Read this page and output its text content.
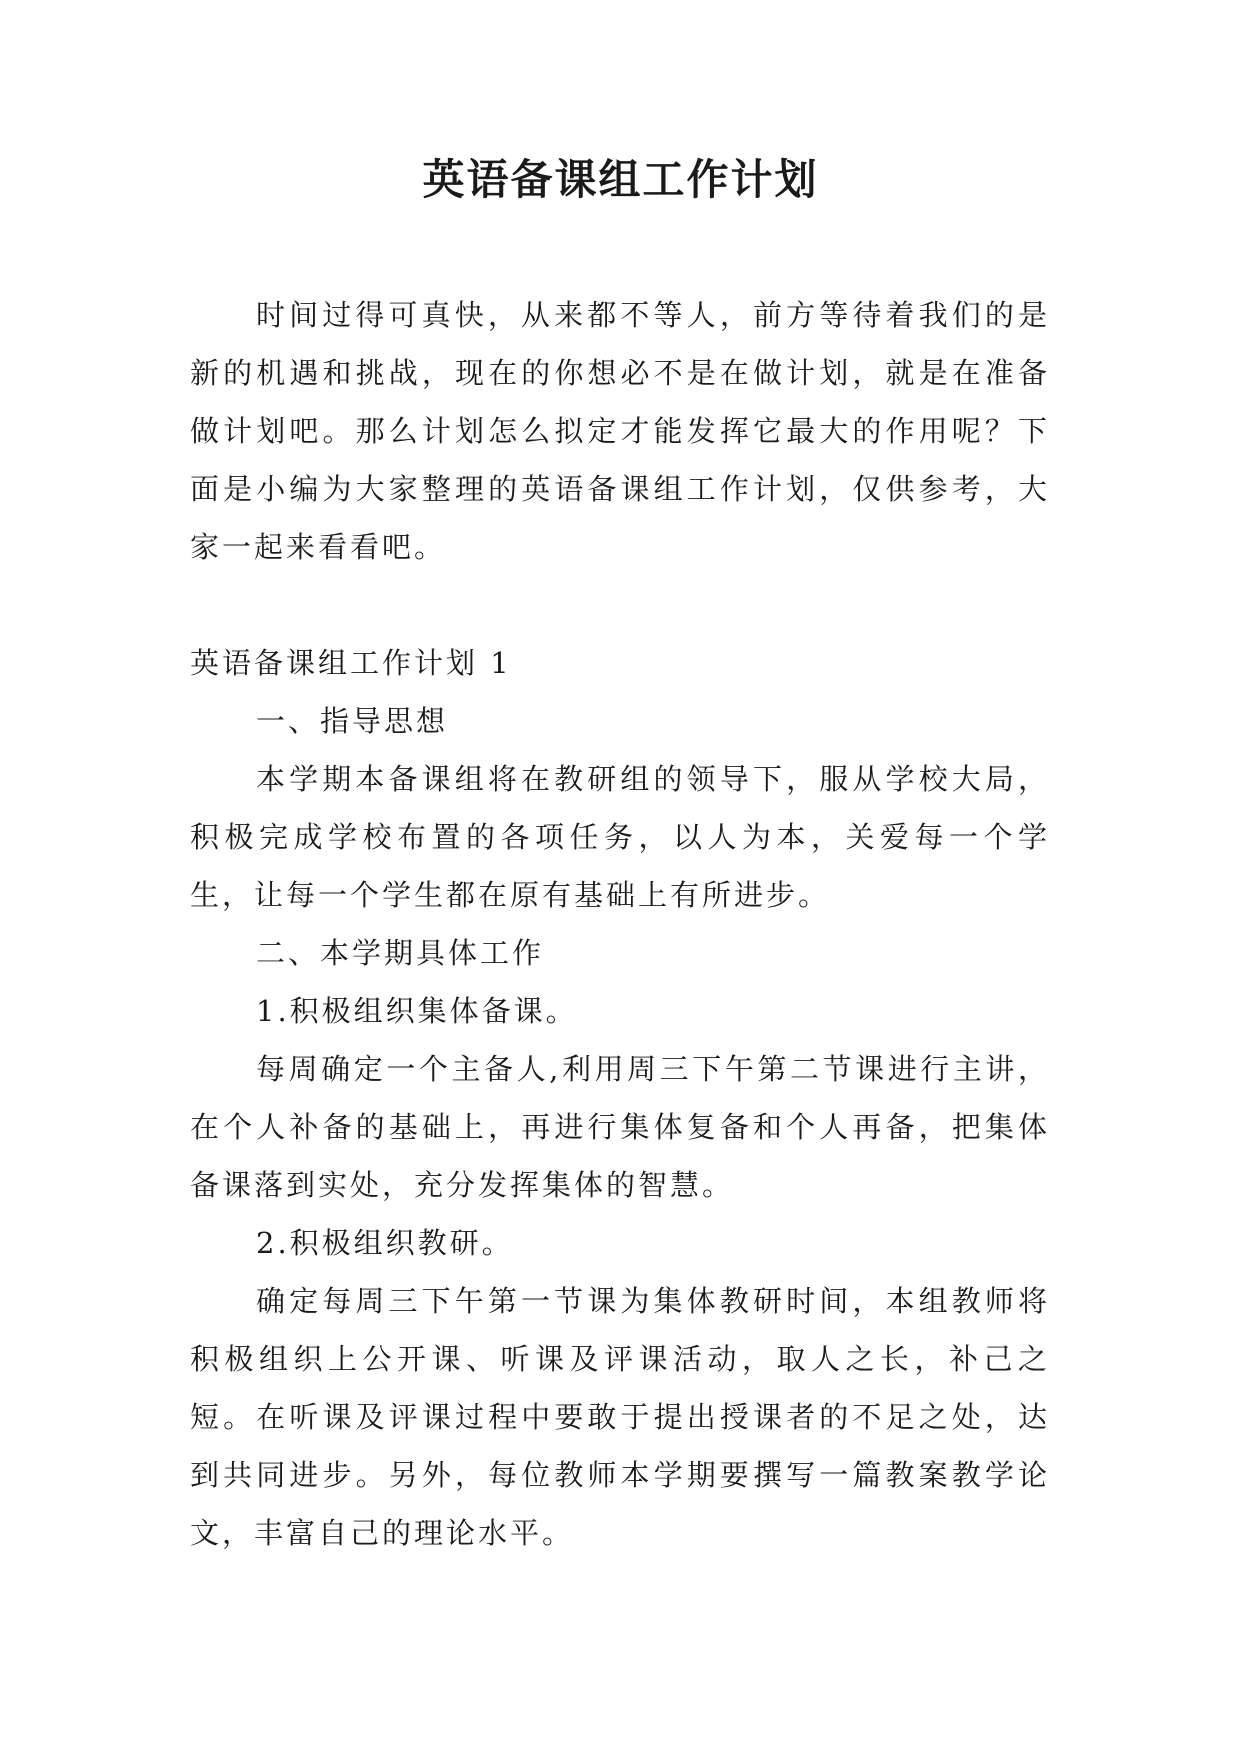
英语备课组工作计划

时间过得可真快，从来都不等人，前方等待着我们的是新的机遇和挑战，现在的你想必不是在做计划，就是在准备做计划吧。那么计划怎么拟定才能发挥它最大的作用呢？下面是小编为大家整理的英语备课组工作计划，仅供参考，大家一起来看看吧。

英语备课组工作计划 1

一、指导思想

本学期本备课组将在教研组的领导下，服从学校大局，积极完成学校布置的各项任务，以人为本，关爱每一个学生，让每一个学生都在原有基础上有所进步。

二、本学期具体工作

1.积极组织集体备课。

每周确定一个主备人,利用周三下午第二节课进行主讲，在个人补备的基础上，再进行集体复备和个人再备，把集体备课落到实处，充分发挥集体的智慧。

2.积极组织教研。

确定每周三下午第一节课为集体教研时间，本组教师将积极组织上公开课、听课及评课活动，取人之长，补己之短。在听课及评课过程中要敢于提出授课者的不足之处，达到共同进步。另外，每位教师本学期要撰写一篇教案教学论文，丰富自己的理论水平。
